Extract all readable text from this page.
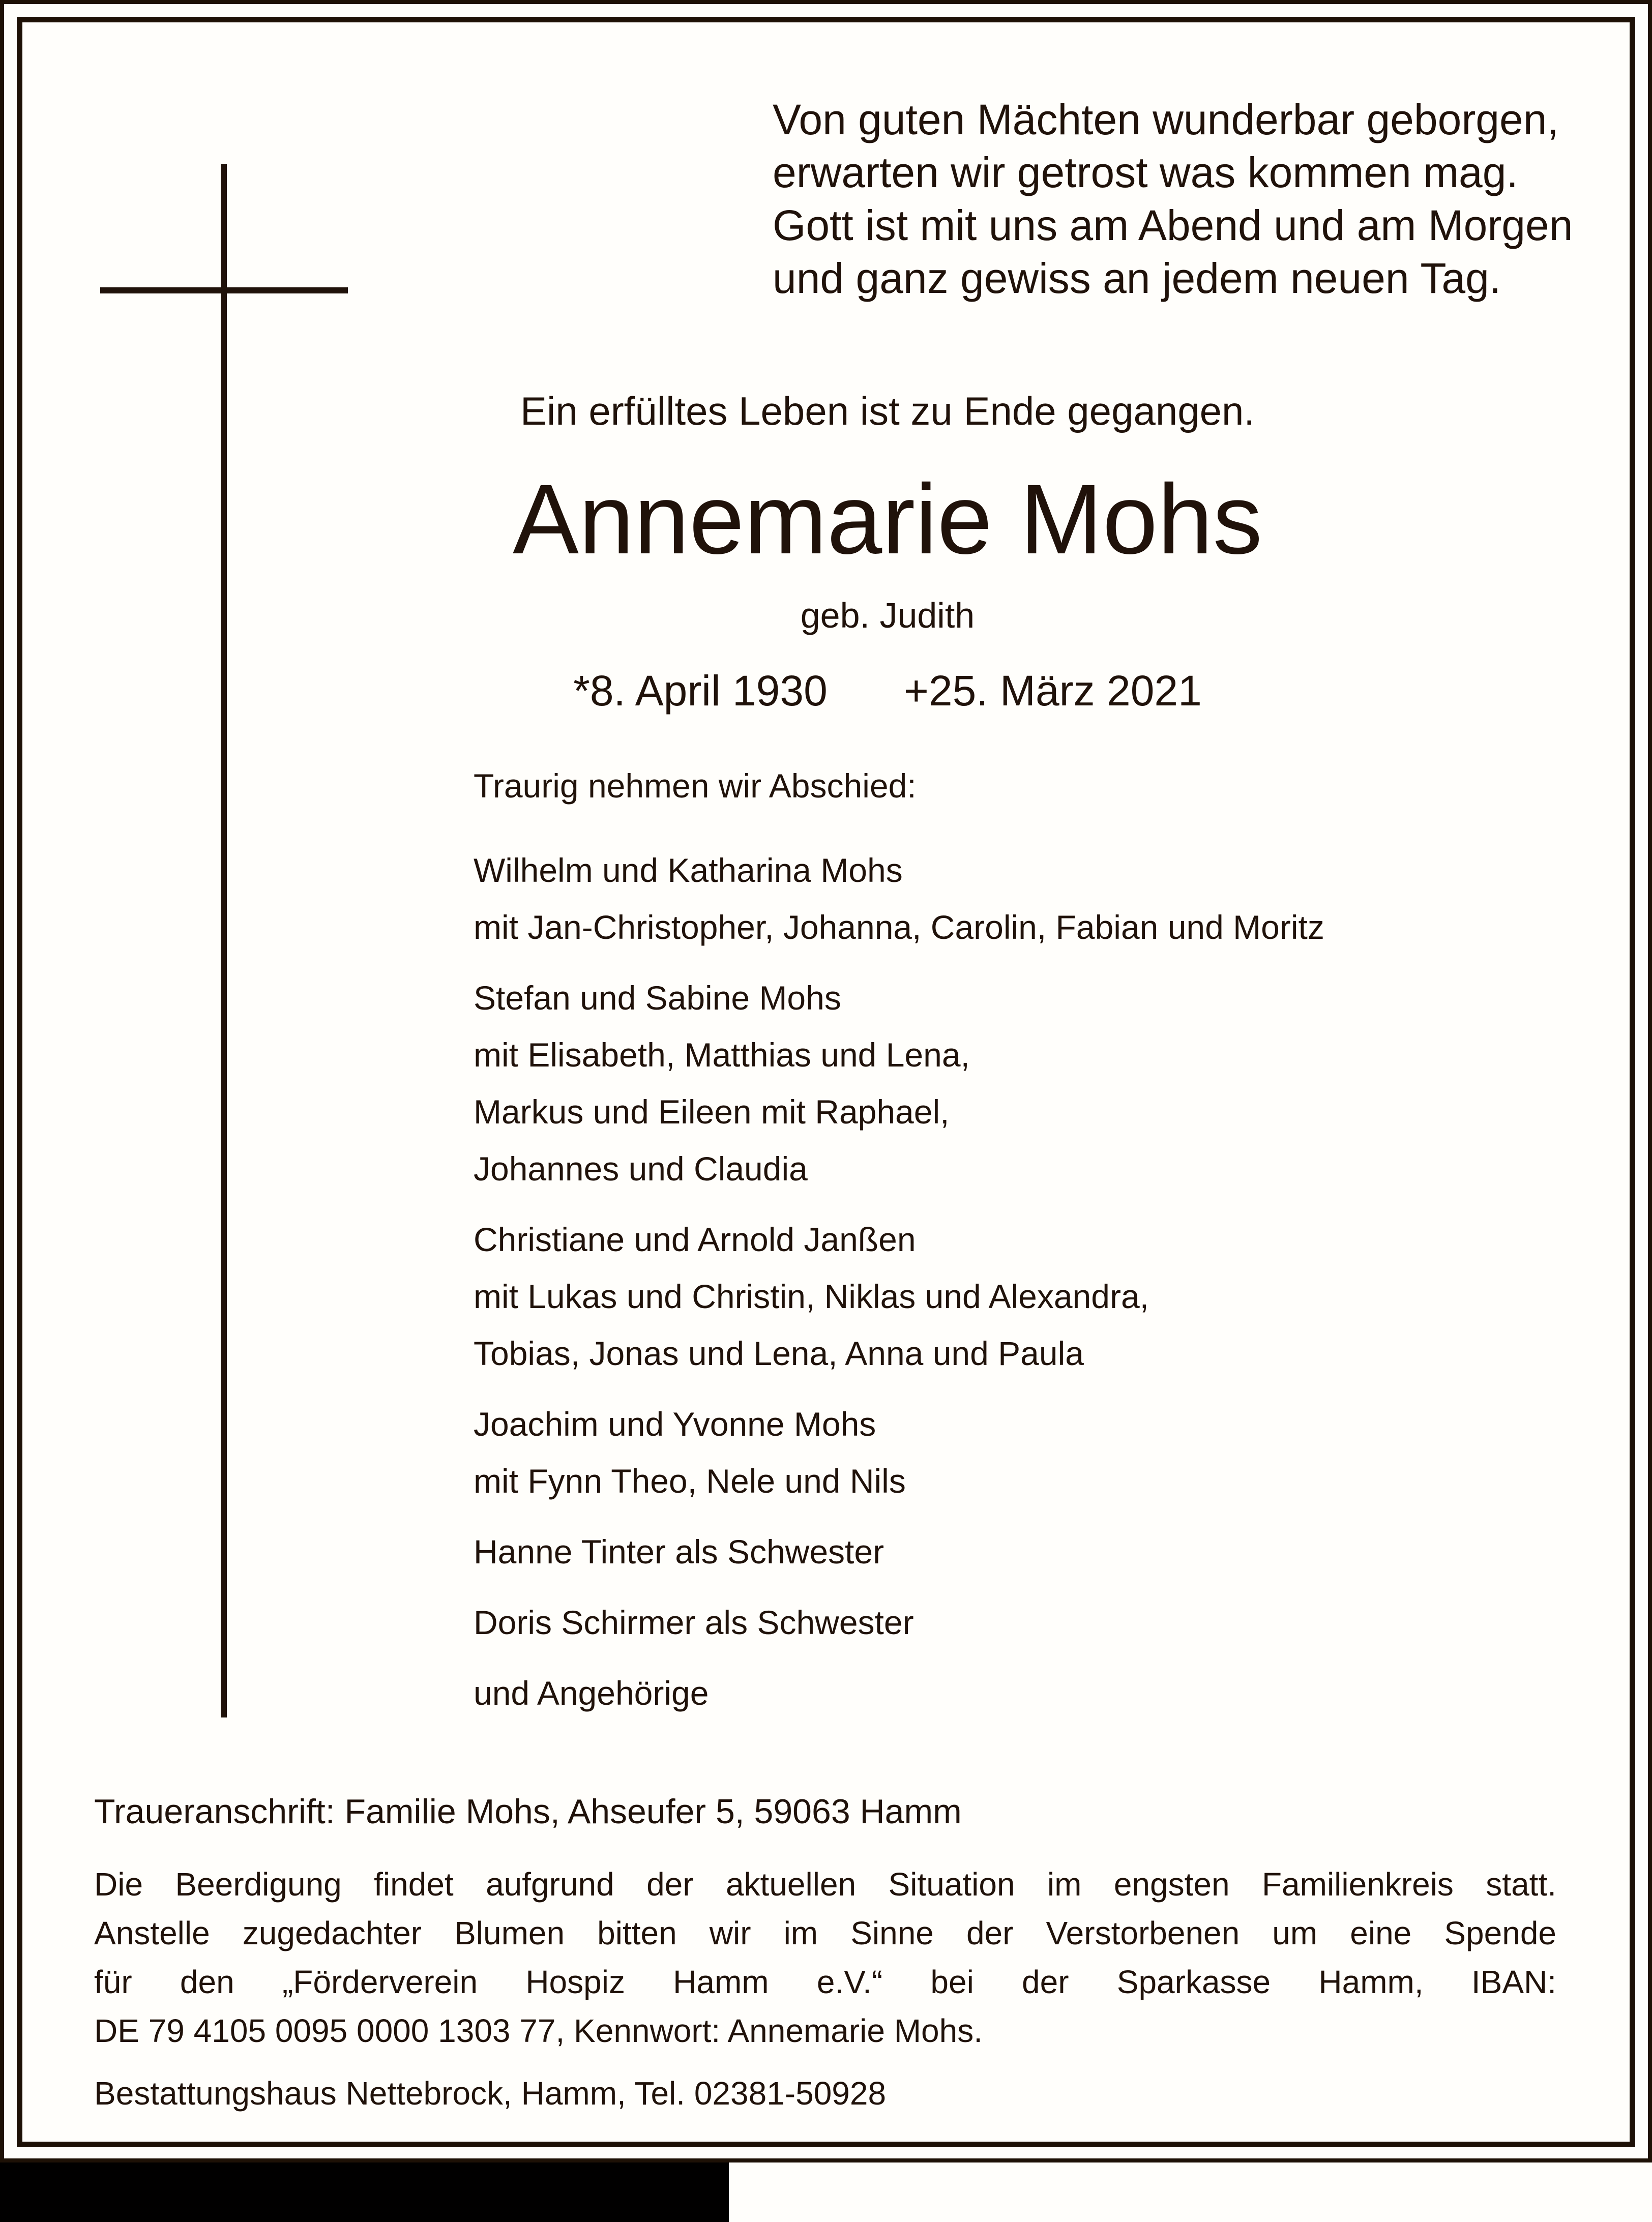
Von guten Mächten wunderbar geborgen,
erwarten wir getrost was kommen mag.
Gott ist mit uns am Abend und am Morgen
und ganz gewiss an jedem neuen Tag.
Ein erfülltes Leben ist zu Ende gegangen.
Annemarie Mohs
geb. Judith
*8. April 1930 +25. März 2021
Traurig nehmen wir Abschied:
Wilhelm und Katharina Mohs
mit Jan-Christopher, Johanna, Carolin, Fabian und Moritz
Stefan und Sabine Mohs
mit Elisabeth, Matthias und Lena,
Markus und Eileen mit Raphael,
Johannes und Claudia
Christiane und Arnold Janßen
mit Lukas und Christin, Niklas und Alexandra,
Tobias, Jonas und Lena, Anna und Paula
Joachim und Yvonne Mohs
mit Fynn Theo, Nele und Nils
Hanne Tinter als Schwester
Doris Schirmer als Schwester
und Angehörige
Traueranschrift: Familie Mohs, Ahseufer 5, 59063 Hamm
Die Beerdigung findet aufgrund der aktuellen Situation im engsten Familienkreis statt.
Anstelle zugedachter Blumen bitten wir im Sinne der Verstorbenen um eine Spende
für den „Förderverein Hospiz Hamm e.V.“ bei der Sparkasse Hamm, IBAN:
DE 79 4105 0095 0000 1303 77, Kennwort: Annemarie Mohs.
Bestattungshaus Nettebrock, Hamm, Tel. 02381-50928
